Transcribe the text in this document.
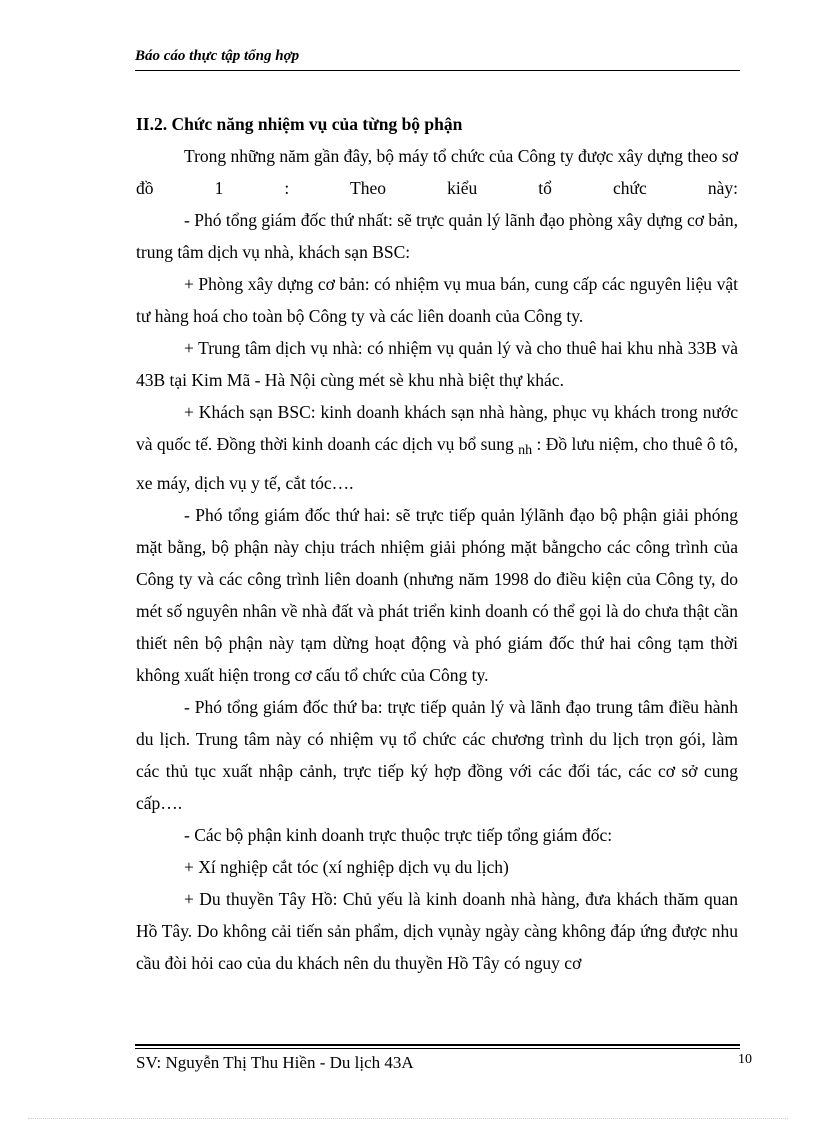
Báo cáo thực tập tổng hợp

II.2. Chức năng nhiệm vụ của từng bộ phận

Trong những năm gần đây, bộ máy tổ chức của Công ty được xây dựng theo sơ đồ 1 : Theo kiểu tổ chức này:

- Phó tổng giám đốc thứ nhất: sẽ trực quản lý lãnh đạo phòng xây dựng cơ bản, trung tâm dịch vụ nhà, khách sạn BSC:

+ Phòng xây dựng cơ bản: có nhiệm vụ mua bán, cung cấp các nguyên liệu vật tư hàng hoá cho toàn bộ Công ty và các liên doanh của Công ty.

+ Trung tâm dịch vụ nhà: có nhiệm vụ quản lý và cho thuê hai khu nhà 33B và 43B tại Kim Mã - Hà Nội cùng mét sè khu nhà biệt thự khác.

+ Khách sạn BSC: kinh doanh khách sạn nhà hàng, phục vụ khách trong nước và quốc tế. Đồng thời kinh doanh các dịch vụ bổ sung $_{nh}$ : Đồ lưu niệm, cho thuê ô tô, xe máy, dịch vụ y tế, cắt tóc….

- Phó tổng giám đốc thứ hai: sẽ trực tiếp quản lýlãnh đạo bộ phận giải phóng mặt bằng, bộ phận này chịu trách nhiệm giải phóng mặt bằngcho các công trình của Công ty và các công trình liên doanh (nhưng năm 1998 do điều kiện của Công ty, do mét số nguyên nhân về nhà đất và phát triển kinh doanh có thể gọi là do chưa thật cần thiết nên bộ phận này tạm dừng hoạt động và phó giám đốc thứ hai công tạm thời không xuất hiện trong cơ cấu tổ chức của Công ty.

- Phó tổng giám đốc thứ ba: trực tiếp quản lý và lãnh đạo trung tâm điều hành du lịch. Trung tâm này có nhiệm vụ tổ chức các chương trình du lịch trọn gói, làm các thủ tục xuất nhập cảnh, trực tiếp ký hợp đồng với các đối tác, các cơ sở cung cấp….

- Các bộ phận kinh doanh trực thuộc trực tiếp tổng giám đốc:

+ Xí nghiệp cắt tóc (xí nghiệp dịch vụ du lịch)

+ Du thuyền Tây Hồ: Chủ yếu là kinh doanh nhà hàng, đưa khách thăm quan Hồ Tây. Do không cải tiến sản phẩm, dịch vụnày ngày càng không đáp ứng được nhu cầu đòi hỏi cao của du khách nên du thuyền Hồ Tây có nguy cơ

SV: Nguyễn Thị Thu Hiền - Du lịch 43A	10
